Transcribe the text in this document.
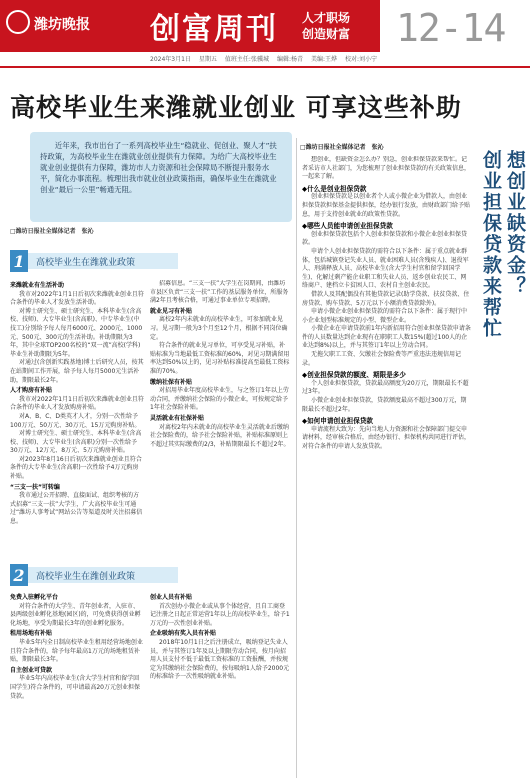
潍坊晚报 创富周刊 人才职场
创造财富 12-14
2024年3月1日 星期五 值班主任:张骥城 编辑:杨青 美编:王烨 校对:刘小宁
高校毕业生来潍就业创业 可享这些补助

近年来，我市出台了一系列高校毕业生“稳就业、促创业、聚人才”扶持政策，为高校毕业生在潍就业创业提供有力保障。为给广大高校毕业生就业创业提供有力保障，潍坊市人力资源和社会保障局不断提升服务水平，简化办事流程。梳理出我市就业创业政策指南，确保毕业生在潍就业创业“最后一公里”畅通无阻。

□潍坊日报社全媒体记者　张沁
1	高校毕业生在潍就业政策
来潍就业有生活补助

我市对2022年1月1日后初次来潍就业创业且符合条件的毕业人才发放生活补助。

对博士研究生、硕士研究生、本科毕业生(含高校、技师)、大专毕业生(含高职)、中专毕业生(中技工)分别给予每人每月6000元、2000元、1000元、500元、300元的生活补助。补助期限为3年，其中全球TOP200名校的“双一流”高校(学科)毕业生补助期限为5年。

对通过(含创新实践基地)博士后研究人员，按其在站期间工作开展，给予每人每月5000元生活补助，期限最长2年。

人才购房有补贴

我市对2022年1月1日后初次来潍就业创业且符合条件的毕业人才发放购房补贴。

对A、B、C、D类英才人才，分别一次性给予100万元、50万元、30万元、15万元购房补贴。

对博士研究生、硕士研究生、本科毕业生(含高校、技师)、大专毕业生(含高职)分别一次性给予30万元、12万元、8万元、5万元购房补贴。

对2023年8月16日后初次来潍就业创业且符合条件的大专毕业生(含高职)一次性给予4万元购房补贴。

“三支一扶”可转编

我市通过公开招聘、直接面试、组织考核的方式招募“三支一扶”大学生，广大高校毕业生可通过“潍坊人事考试”网站公告等渠道及时关注招募信息。

招募信息。“三支一扶”大学生在岗期间，由潍坊市县区负责“三支一扶”工作的基层服务单位，所服务满2年且考核合格，可通过事业单位专项招聘。

就业见习有补贴

离校2年内未就业的高校毕业生，可参加就业见习。见习期一般为3个月至12个月，根据不同岗位确定。

符合条件的就业见习单位，可享受见习补贴，补贴标准为当地最低工资标准的60%，对见习期满留用率达到50%以上的，见习补贴标准提高至最低工资标准的70%。

缴纳社保有补贴

对招用毕业年度高校毕业生，与之签订1年以上劳动合同，并缴纳社会保险的小微企业，可按规定给予1年社会保险补贴。

灵活就业有社保补贴

对离校2年内未就业的高校毕业生灵活就业后缴纳社会保险费的，给予社会保险补贴，补贴标准原则上不超过其实际缴费的2/3，补贴期限最长不超过2年。

2	高校毕业生在潍创业政策
免费入驻孵化平台

对符合条件的大学生、青年创业者，入驻市、县两级创业孵化基地(园区)的，可免费获得创业孵化场地，享受为期最长3年的创业孵化服务。

租用场地有补贴

毕业5年内全日制高校毕业生租用经营场地创业且符合条件的，给予每年最高1万元的场地租赁补贴，期限最长3年。

自主创业可贷款

毕业5年内高校毕业生(含大学生村官和留学回国学生)符合条件的，可申请最高20万元创业担保贷款。

创业人员有补贴

首次创办小微企业或从事个体经营，且自工商登记注册之日起正常运营1年以上的高校毕业生，给予1万元的一次性创业补贴。

企业吸纳有奖入员有补贴

2018年10月1日之后注册成立，吸纳登记失业人员，并与其签订1年及以上期限劳动合同，按月向招用人员支付不低于最低工资标准的工资报酬，并按规定为其缴纳社会保险费的，按每吸纳1人给予2000元的标准给予一次性吸纳就业补贴。

□潍坊日报社全媒体记者　张沁

想创业，但缺资金怎么办？别急，创业担保贷款来帮忙。记者采访市人社部门，为您梳理了创业担保贷款的有关政策信息，一起来了解。

◆什么是创业担保贷款

创业担保贷款是以创业者个人或小微企业为借款人，由创业担保贷款担保基金提供担保，经办银行发放，由财政部门给予贴息，用于支持创业就业的政策性贷款。

◆哪些人员能申请创业担保贷款

创业担保贷款包括个人创业担保贷款和小微企业创业担保贷款。

申请个人创业担保贷款的需符合以下条件：属于重点就业群体，包括城镇登记失业人员、就业困难人员(含残疾人)、退役军人、刑满释放人员、高校毕业生(含大学生村官和留学回国学生)、化解过剩产能企业职工和失业人员、返乡创业农民工、网络商户、建档立卡贫困人口、农村自主创业农民。

借款人及其配偶没有其他贷款记录(助学贷款、扶贫贷款、住房贷款、购车贷款、5万元以下小额消费贷款除外)。

申请小微企业创业担保贷款的需符合以下条件：属于现行中小企业划型标准规定的小型、微型企业。

小微企业在申请贷款前1年内新招用符合创业担保贷款申请条件的人员数量达到企业现有在职职工人数15%(超过100人的企业达到8%)以上，并与其签订1年以上劳动合同。

无拖欠职工工资、欠缴社会保险费等严重违法违规信用记录。

◆创业担保贷款的额度、期限是多少

个人创业担保贷款，贷款最高额度为20万元，期限最长不超过3年。

小微企业创业担保贷款，贷款额度最高不超过300万元，期限最长不超过2年。

◆如何申请创业担保贷款

申请流程大致为：先向当地人力资源和社会保障部门提交申请材料，经审核合格后，由经办银行、担保机构共同进行评估，对符合条件的申请人发放贷款。

想创业缺资金？
创业担保贷款来帮忙
